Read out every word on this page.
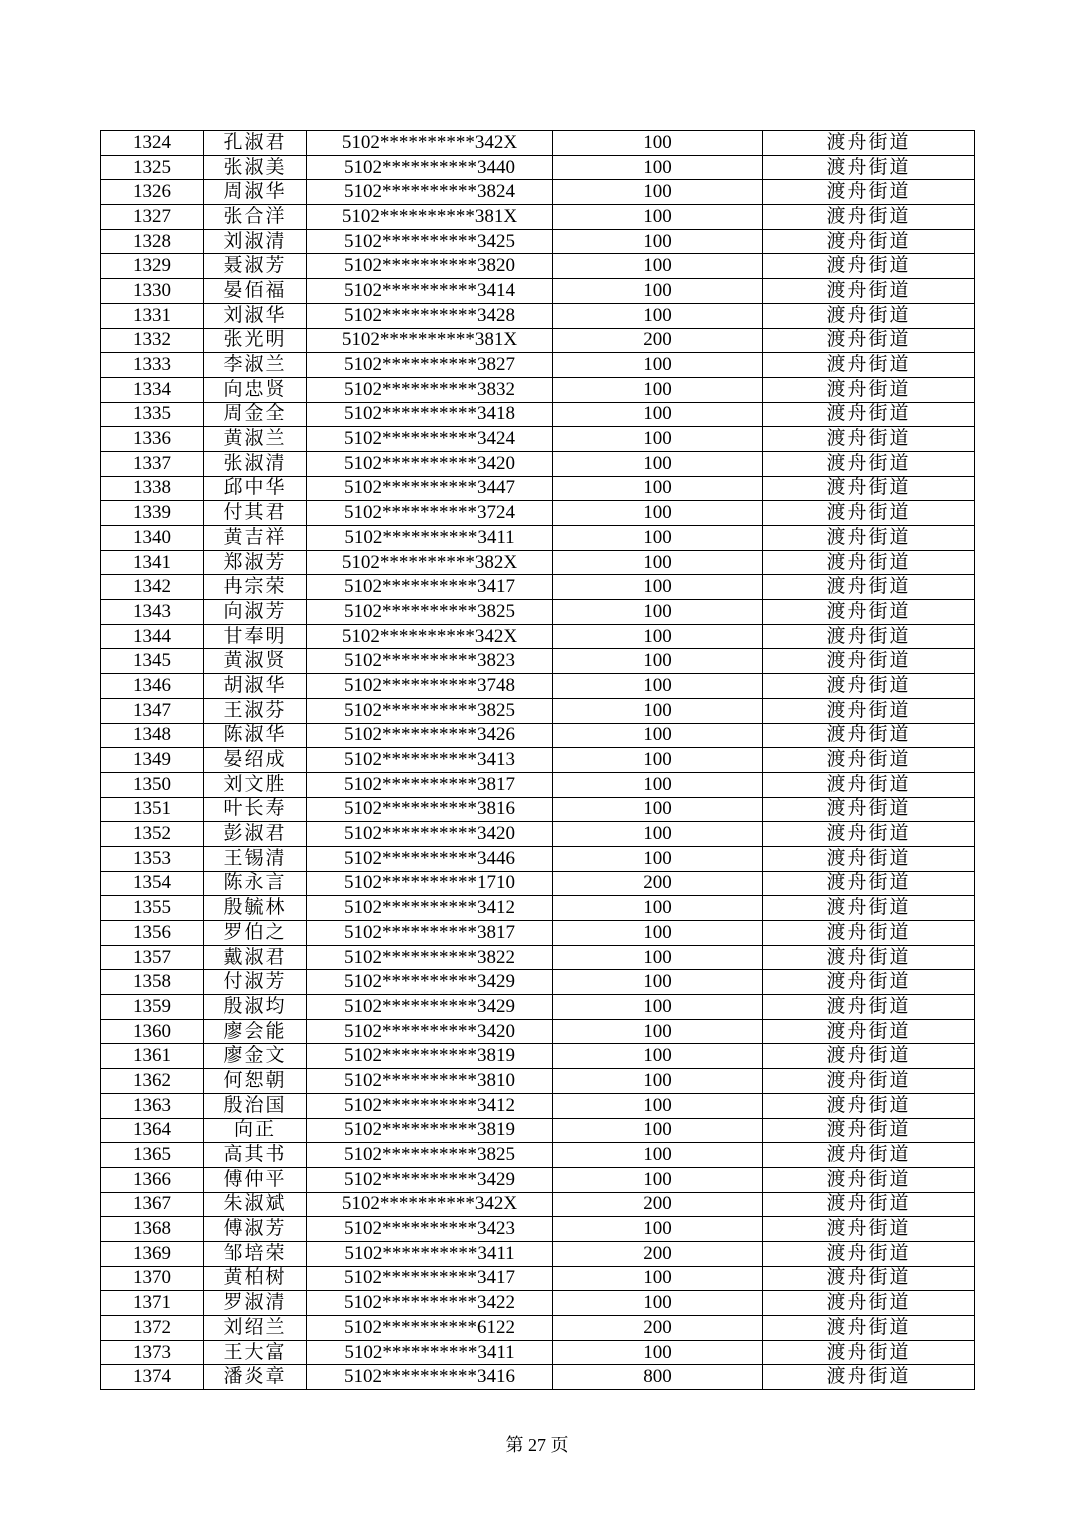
1324	孔淑君	5102**********342X	100	渡舟街道
1325	张淑美	5102**********3440	100	渡舟街道
1326	周淑华	5102**********3824	100	渡舟街道
1327	张合洋	5102**********381X	100	渡舟街道
1328	刘淑清	5102**********3425	100	渡舟街道
1329	聂淑芳	5102**********3820	100	渡舟街道
1330	晏佰福	5102**********3414	100	渡舟街道
1331	刘淑华	5102**********3428	100	渡舟街道
1332	张光明	5102**********381X	200	渡舟街道
1333	李淑兰	5102**********3827	100	渡舟街道
1334	向忠贤	5102**********3832	100	渡舟街道
1335	周金全	5102**********3418	100	渡舟街道
1336	黄淑兰	5102**********3424	100	渡舟街道
1337	张淑清	5102**********3420	100	渡舟街道
1338	邱中华	5102**********3447	100	渡舟街道
1339	付其君	5102**********3724	100	渡舟街道
1340	黄吉祥	5102**********3411	100	渡舟街道
1341	郑淑芳	5102**********382X	100	渡舟街道
1342	冉宗荣	5102**********3417	100	渡舟街道
1343	向淑芳	5102**********3825	100	渡舟街道
1344	甘奉明	5102**********342X	100	渡舟街道
1345	黄淑贤	5102**********3823	100	渡舟街道
1346	胡淑华	5102**********3748	100	渡舟街道
1347	王淑芬	5102**********3825	100	渡舟街道
1348	陈淑华	5102**********3426	100	渡舟街道
1349	晏绍成	5102**********3413	100	渡舟街道
1350	刘文胜	5102**********3817	100	渡舟街道
1351	叶长寿	5102**********3816	100	渡舟街道
1352	彭淑君	5102**********3420	100	渡舟街道
1353	王锡清	5102**********3446	100	渡舟街道
1354	陈永言	5102**********1710	200	渡舟街道
1355	殷毓林	5102**********3412	100	渡舟街道
1356	罗伯之	5102**********3817	100	渡舟街道
1357	戴淑君	5102**********3822	100	渡舟街道
1358	付淑芳	5102**********3429	100	渡舟街道
1359	殷淑均	5102**********3429	100	渡舟街道
1360	廖会能	5102**********3420	100	渡舟街道
1361	廖金文	5102**********3819	100	渡舟街道
1362	何恕朝	5102**********3810	100	渡舟街道
1363	殷治国	5102**********3412	100	渡舟街道
1364	向正	5102**********3819	100	渡舟街道
1365	高其书	5102**********3825	100	渡舟街道
1366	傅仲平	5102**********3429	100	渡舟街道
1367	朱淑斌	5102**********342X	200	渡舟街道
1368	傅淑芳	5102**********3423	100	渡舟街道
1369	邹培荣	5102**********3411	200	渡舟街道
1370	黄柏树	5102**********3417	100	渡舟街道
1371	罗淑清	5102**********3422	100	渡舟街道
1372	刘绍兰	5102**********6122	200	渡舟街道
1373	王大富	5102**********3411	100	渡舟街道
1374	潘炎章	5102**********3416	800	渡舟街道
第 27 页
